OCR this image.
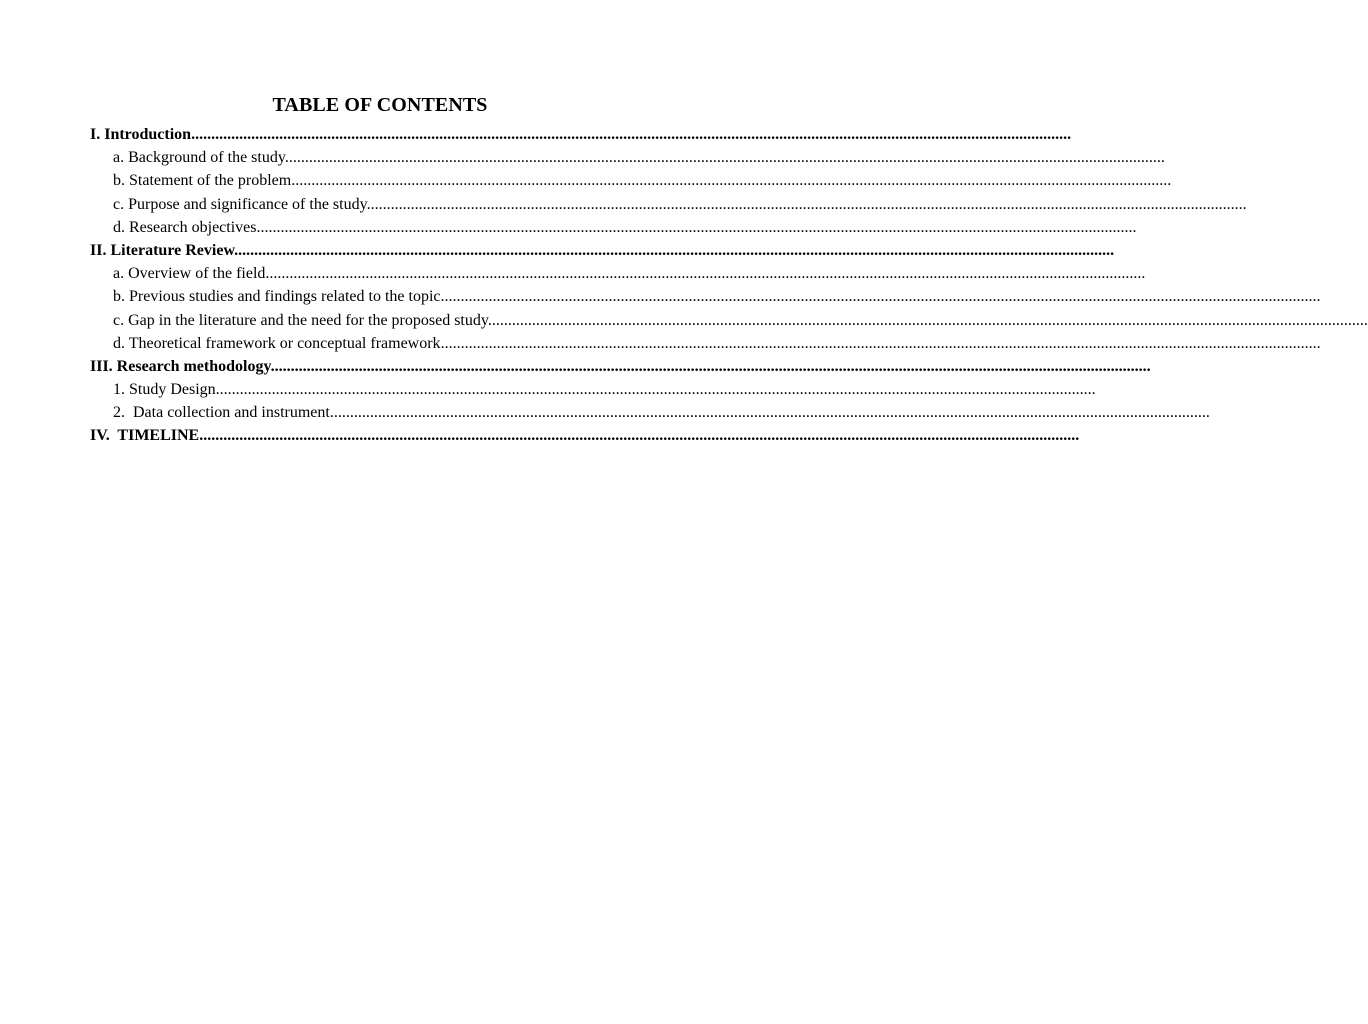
TABLE OF CONTENTS
I. Introduction............................................................................................................................................................................................................................
a. Background of the study............................................................................................................................................................................................................................
b. Statement of the problem............................................................................................................................................................................................................................
c. Purpose and significance of the study............................................................................................................................................................................................................................
d. Research objectives............................................................................................................................................................................................................................
II. Literature Review............................................................................................................................................................................................................................
a. Overview of the field............................................................................................................................................................................................................................
b. Previous studies and findings related to the topic............................................................................................................................................................................................................................
c. Gap in the literature and the need for the proposed study............................................................................................................................................................................................................................
d. Theoretical framework or conceptual framework............................................................................................................................................................................................................................
III. Research methodology............................................................................................................................................................................................................................
1. Study Design............................................................................................................................................................................................................................
2.  Data collection and instrument............................................................................................................................................................................................................................
IV.  TIMELINE............................................................................................................................................................................................................................
